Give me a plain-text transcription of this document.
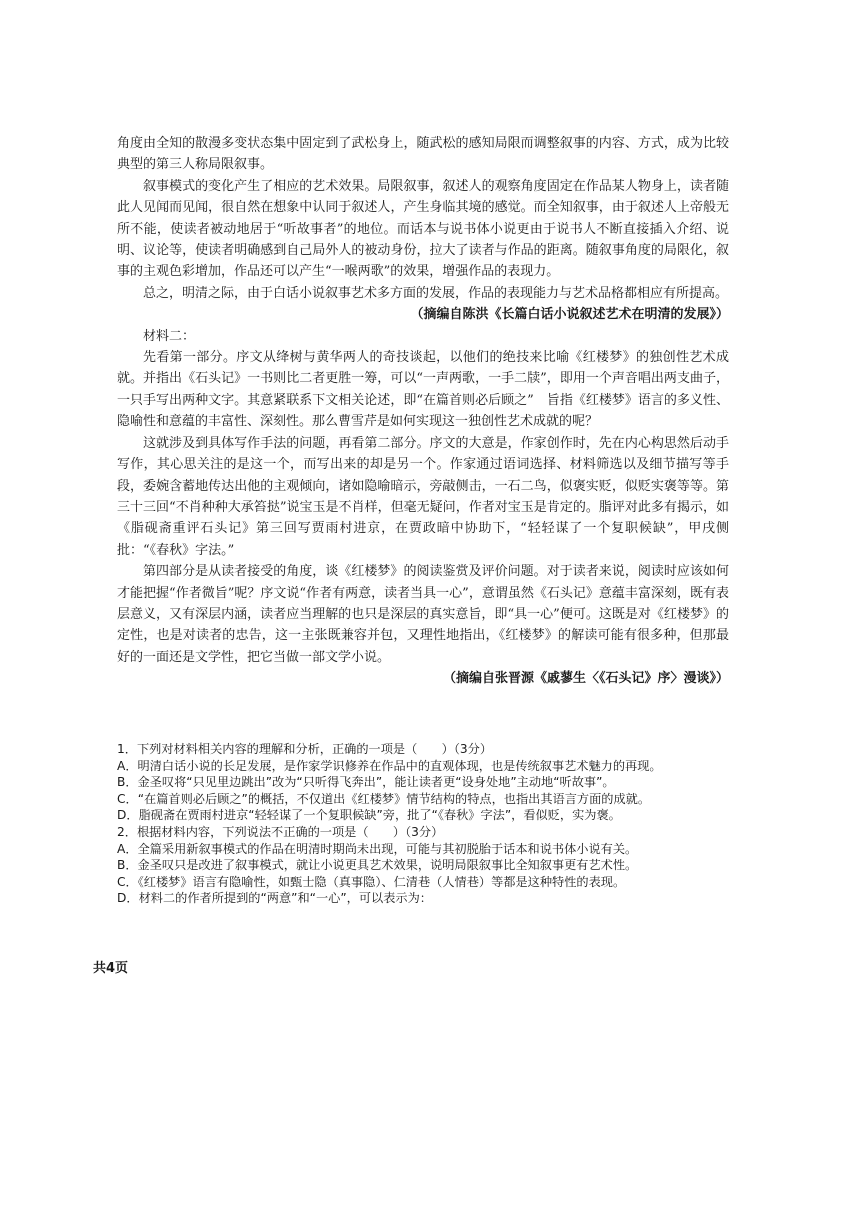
角度由全知的散漫多变状态集中固定到了武松身上，随武松的感知局限而调整叙事的内容、方式，成为比较典型的第三人称局限叙事。

叙事模式的变化产生了相应的艺术效果。局限叙事，叙述人的观察角度固定在作品某人物身上，读者随此人见闻而见闻，很自然在想象中认同于叙述人，产生身临其境的感觉。而全知叙事，由于叙述人上帝般无所不能，使读者被动地居于“听故事者”的地位。而话本与说书体小说更由于说书人不断直接插入介绍、说明、议论等，使读者明确感到自己局外人的被动身份，拉大了读者与作品的距离。随叙事角度的局限化，叙事的主观色彩增加，作品还可以产生“一喉两歌”的效果，增强作品的表现力。

总之，明清之际，由于白话小说叙事艺术多方面的发展，作品的表现能力与艺术品格都相应有所提高。

（摘编自陈洪《长篇白话小说叙述艺术在明清的发展》）

材料二：

先看第一部分。序文从绛树与黄华两人的奇技谈起，以他们的绝技来比喻《红楼梦》的独创性艺术成就。并指出《石头记》一书则比二者更胜一筹，可以“一声两歌，一手二牍”，即用一个声音唱出两支曲子，一只手写出两种文字。其意紧联系下文相关论述，即“在篇首则必后顾之”　旨指《红楼梦》语言的多义性、隐喻性和意蕴的丰富性、深刻性。那么曹雪芹是如何实现这一独创性艺术成就的呢？

这就涉及到具体写作手法的问题，再看第二部分。序文的大意是，作家创作时，先在内心构思然后动手写作，其心思关注的是这一个，而写出来的却是另一个。作家通过语词选择、材料筛选以及细节描写等手段，委婉含蓄地传达出他的主观倾向，诸如隐喻暗示，旁敲侧击，一石二鸟，似褒实贬，似贬实褒等等。第三十三回“不肖种种大承笞挞”说宝玉是不肖样，但毫无疑问，作者对宝玉是肯定的。脂评对此多有揭示，如《脂砚斋重评石头记》第三回写贾雨村进京，在贾政暗中协助下，“轻轻谋了一个复职候缺”，甲戌侧批：“《春秋》字法。”

第四部分是从读者接受的角度，谈《红楼梦》的阅读鉴赏及评价问题。对于读者来说，阅读时应该如何才能把握“作者微旨”呢？序文说“作者有两意，读者当具一心”，意谓虽然《石头记》意蕴丰富深刻，既有表层意义，又有深层内涵，读者应当理解的也只是深层的真实意旨，即“具一心”便可。这既是对《红楼梦》的定性，也是对读者的忠告，这一主张既兼容并包，又理性地指出，《红楼梦》的解读可能有很多种，但那最好的一面还是文学性，把它当做一部文学小说。

（摘编自张晋源《戚蓼生〈《石头记》序〉漫谈》）

1．下列对材料相关内容的理解和分析，正确的一项是（　　）（3分）

A．明清白话小说的长足发展，是作家学识修养在作品中的直观体现，也是传统叙事艺术魅力的再现。

B．金圣叹将“只见里边跳出”改为“只听得飞奔出”，能让读者更“设身处地”主动地“听故事”。

C．“在篇首则必后顾之”的概括，不仅道出《红楼梦》情节结构的特点，也指出其语言方面的成就。

D．脂砚斋在贾雨村进京“轻轻谋了一个复职候缺”旁，批了“《春秋》字法”，看似贬，实为褒。

2．根据材料内容，下列说法不正确的一项是（　　）（3分）

A．全篇采用新叙事模式的作品在明清时期尚未出现，可能与其初脱胎于话本和说书体小说有关。

B．金圣叹只是改进了叙事模式，就让小说更具艺术效果，说明局限叙事比全知叙事更有艺术性。

C．《红楼梦》语言有隐喻性，如甄士隐（真事隐）、仁清巷（人情巷）等都是这种特性的表现。

D．材料二的作者所提到的“两意”和“一心”，可以表示为：

共4页
